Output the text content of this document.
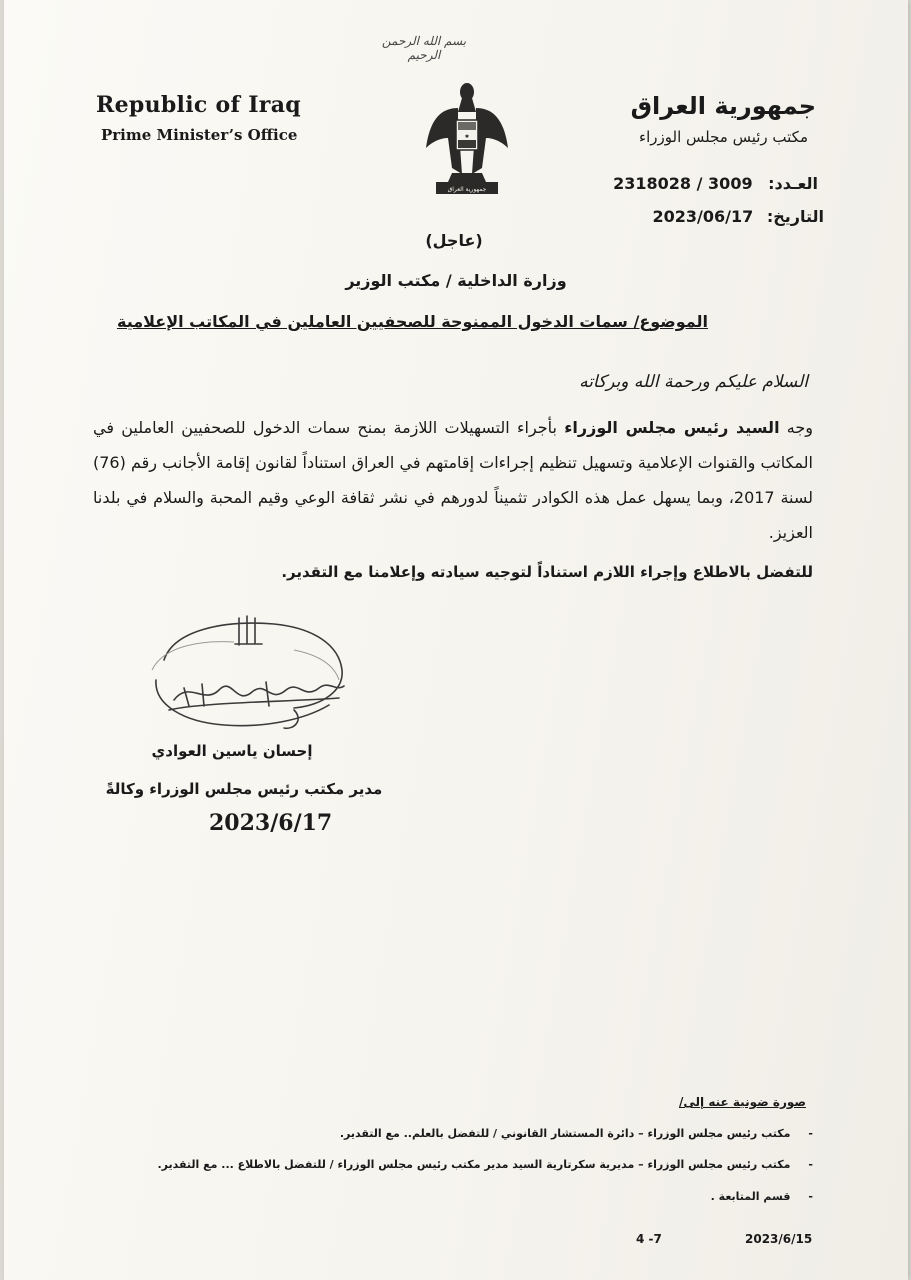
بسم الله الرحمن الرحيم
Republic of Iraq
Prime Minister’s Office	✱
جمهورية العراق
جمهورية العراق
مكتب رئيس مجلس الوزراء
العـدد: 3009 / 2318028
التاريخ: 2023/06/17
(عاجل)
وزارة الداخلية / مكتب الوزير
الموضوع/ سمات الدخول الممنوحة للصحفيين العاملين في المكاتب الإعلامية
السلام عليكم ورحمة الله وبركاته
وجه السيد رئيس مجلس الوزراء بأجراء التسهيلات اللازمة بمنح سمات الدخول للصحفيين العاملين في المكاتب والقنوات الإعلامية وتسهيل تنظيم إجراءات إقامتهم في العراق استناداً لقانون إقامة الأجانب رقم (76) لسنة 2017، وبما يسهل عمل هذه الكوادر تثميناً لدورهم في نشر ثقافة الوعي وقيم المحبة والسلام في بلدنا العزيز.
للتفضل بالاطلاع وإجراء اللازم استناداً لتوجيه سيادته وإعلامنا مع التقدير.
إحسان ياسين العوادي
مدير مكتب رئيس مجلس الوزراء وكالةً
2023/6/17
صورة ضونية عنه إلى/
-مكتب رئيس مجلس الوزراء – دائرة المستشار القانوني / للتفضل بالعلم.. مع التقدير.
-مكتب رئيس مجلس الوزراء – مديرية سكرتارية السيد مدير مكتب رئيس مجلس الوزراء / للتفضل بالاطلاع ... مع التقدير.
-قسم المتابعة .
2023/6/15
4 -7
